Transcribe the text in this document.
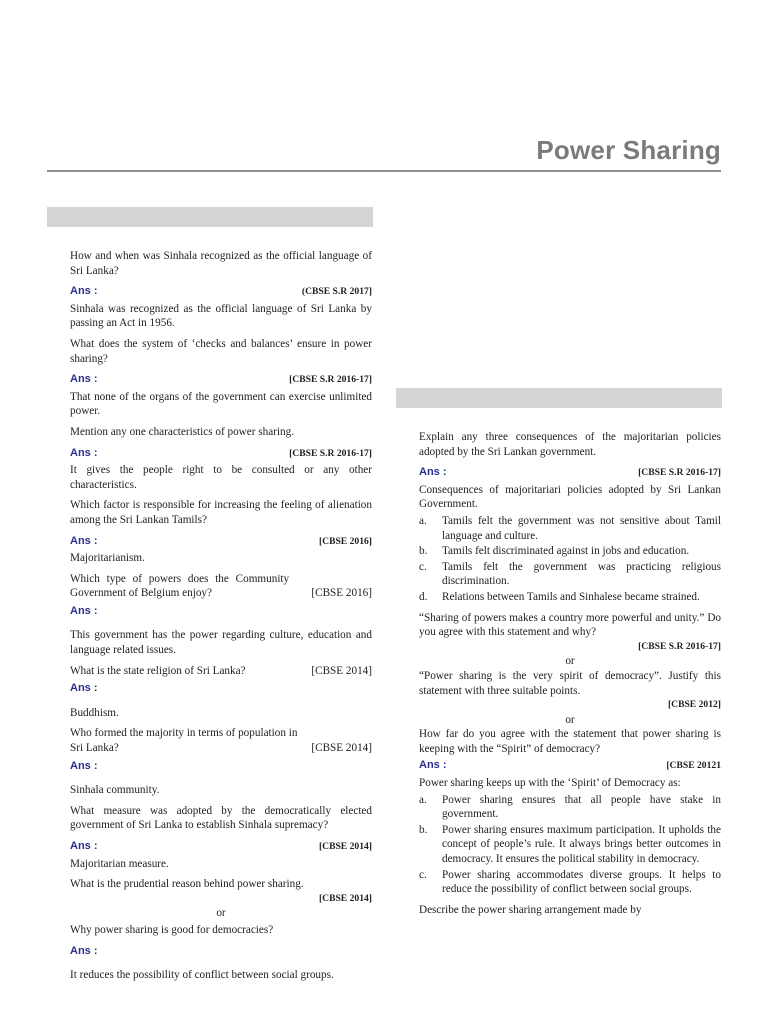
Power Sharing

How and when was Sinhala recognized as the official language of Sri Lanka?

Ans :	(CBSE S.R 2017]

Sinhala was recognized as the official language of Sri Lanka by passing an Act in 1956.

What does the system of ‘checks and balances’ ensure in power sharing?

Ans :	[CBSE S.R 2016-17]

That none of the organs of the government can exercise unlimited power.

Mention any one characteristics of power sharing.

Ans :	[CBSE S.R 2016-17]

It gives the people right to be consulted or any other characteristics.

Which factor is responsible for increasing the feeling of alienation among the Sri Lankan Tamils?

Ans :	[CBSE 2016]

Majoritarianism.

Which type of powers does the Community
Government of Belgium enjoy?	[CBSE 2016]
Ans :

This government has the power regarding culture, education and language related issues.

What is the state religion of Sri Lanka?	[CBSE 2014]
Ans :

Buddhism.

Who formed the majority in terms of population in
Sri Lanka?	[CBSE 2014]
Ans :

Sinhala community.

What measure was adopted by the democratically elected government of Sri Lanka to establish Sinhala supremacy?

Ans :	[CBSE 2014]

Majoritarian measure.

What is the prudential reason behind power sharing.

[CBSE 2014]

or

Why power sharing is good for democracies?

Ans :

It reduces the possibility of conflict between social groups.

Explain any three consequences of the majoritarian policies adopted by the Sri Lankan government.

Ans :	[CBSE S.R 2016-17]

Consequences of majoritariari policies adopted by Sri Lankan Government.

a.	Tamils felt the government was not sensitive about Tamil language and culture.
b.	Tamils felt discriminated against in jobs and education.
c.	Tamils felt the government was practicing religious discrimination.
d.	Relations between Tamils and Sinhalese became strained.

“Sharing of powers makes a country more powerful and unity.” Do you agree with this statement and why?

[CBSE S.R 2016-17]

or

“Power sharing is the very spirit of democracy”. Justify this statement with three suitable points.

[CBSE 2012]

or

How far do you agree with the statement that power sharing is keeping with the “Spirit” of democracy?

Ans :	[CBSE 20121

Power sharing keeps up with the ‘Spirit’ of Democracy as:

a.	Power sharing ensures that all people have stake in government.
b.	Power sharing ensures maximum participation. It upholds the concept of people’s rule. It always brings better outcomes in democracy. It ensures the political stability in democracy.
c.	Power sharing accommodates diverse groups. It helps to reduce the possibility of conflict between social groups.

Describe the power sharing arrangement made by
